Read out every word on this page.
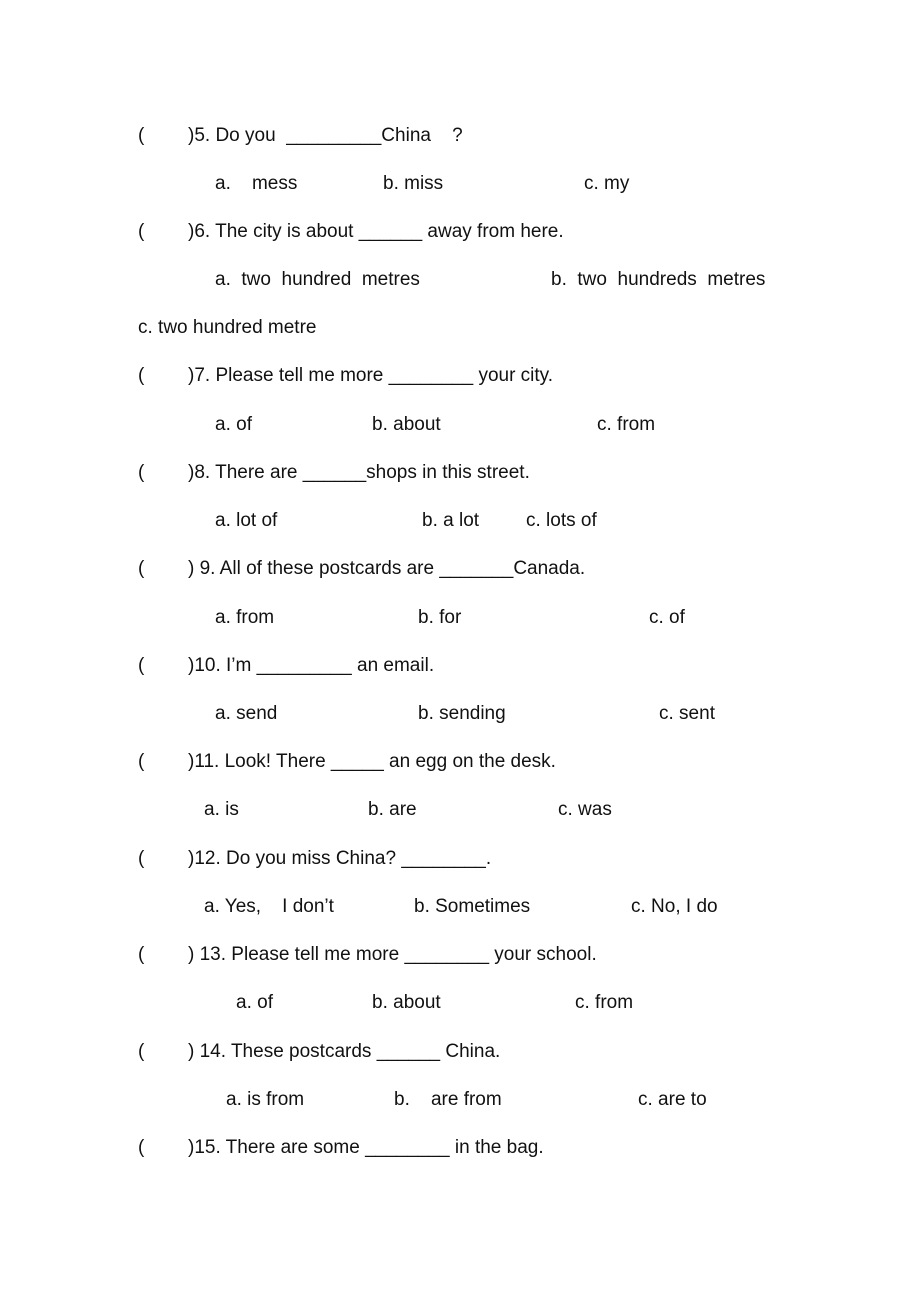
( )5. Do you  _________China    ?
a.    mess	b. miss	c. my
( )6. The city is about ______ away from here.
a.  two  hundred  metres	b.  two  hundreds  metres
c. two hundred metre
( )7. Please tell me more ________ your city.
a. of	b. about	c. from
( )8. There are ______shops in this street.
a. lot of	b. a lot c. lots of
( ) 9. All of these postcards are _______Canada.
a. from	b. for	c. of
( )10. I’m _________ an email.
a. send	b. sending	c. sent
( )11. Look! There _____ an egg on the desk.
a. is	b. are	c. was
( )12. Do you miss China? ________.
a. Yes,    I don’t	b. Sometimes	c. No, I do
( ) 13. Please tell me more ________ your school.
a. of	b. about	c. from
( ) 14. These postcards ______ China.
a. is from	b.    are from	c. are to
( )15. There are some ________ in the bag.
